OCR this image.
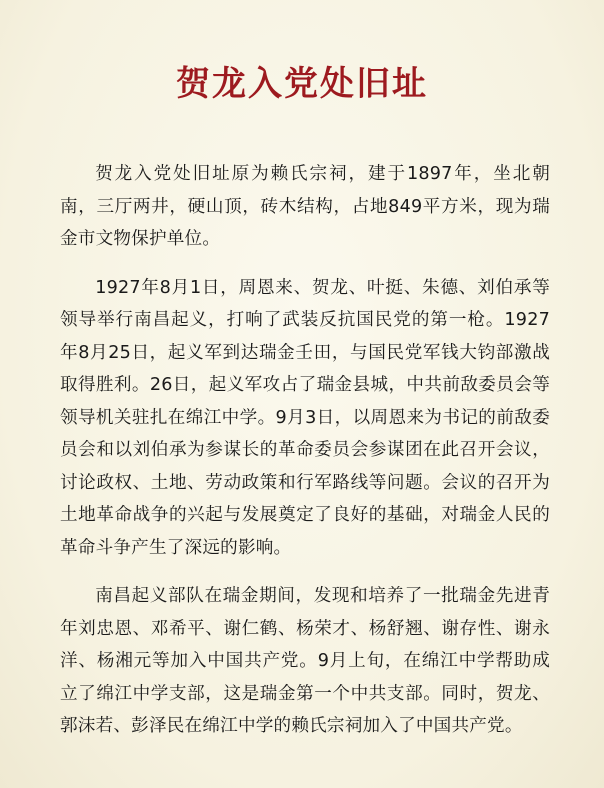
贺龙入党处旧址

贺龙入党处旧址原为赖氏宗祠，建于1897年，坐北朝南，三厅两井，硬山顶，砖木结构，占地849平方米，现为瑞金市文物保护单位。

1927年8月1日，周恩来、贺龙、叶挺、朱德、刘伯承等领导举行南昌起义，打响了武装反抗国民党的第一枪。1927年8月25日，起义军到达瑞金壬田，与国民党军钱大钧部激战取得胜利。26日，起义军攻占了瑞金县城，中共前敌委员会等领导机关驻扎在绵江中学。9月3日，以周恩来为书记的前敌委员会和以刘伯承为参谋长的革命委员会参谋团在此召开会议，讨论政权、土地、劳动政策和行军路线等问题。会议的召开为土地革命战争的兴起与发展奠定了良好的基础，对瑞金人民的革命斗争产生了深远的影响。

南昌起义部队在瑞金期间，发现和培养了一批瑞金先进青年刘忠恩、邓希平、谢仁鹤、杨荣才、杨舒翘、谢存性、谢永洋、杨湘元等加入中国共产党。9月上旬，在绵江中学帮助成立了绵江中学支部，这是瑞金第一个中共支部。同时，贺龙、郭沫若、彭泽民在绵江中学的赖氏宗祠加入了中国共产党。
